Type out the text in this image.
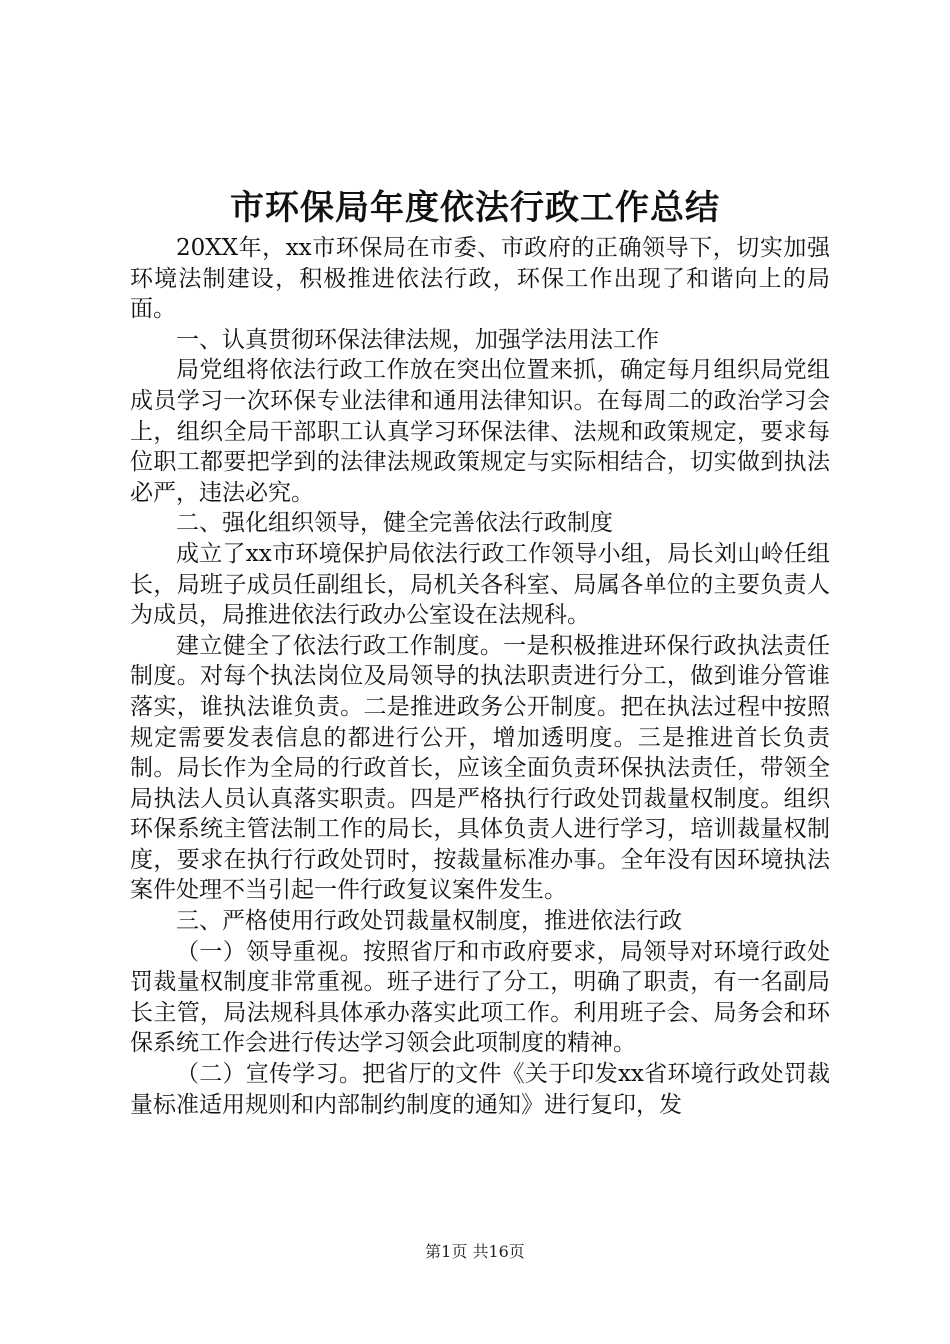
市环保局年度依法行政工作总结

20XX年，xx市环保局在市委、市政府的正确领导下，切实加强环境法制建设，积极推进依法行政，环保工作出现了和谐向上的局面。

一、认真贯彻环保法律法规，加强学法用法工作

局党组将依法行政工作放在突出位置来抓，确定每月组织局党组成员学习一次环保专业法律和通用法律知识。在每周二的政治学习会上，组织全局干部职工认真学习环保法律、法规和政策规定，要求每位职工都要把学到的法律法规政策规定与实际相结合，切实做到执法必严，违法必究。

二、强化组织领导，健全完善依法行政制度

成立了xx市环境保护局依法行政工作领导小组，局长刘山岭任组长，局班子成员任副组长，局机关各科室、局属各单位的主要负责人为成员，局推进依法行政办公室设在法规科。

建立健全了依法行政工作制度。一是积极推进环保行政执法责任制度。对每个执法岗位及局领导的执法职责进行分工，做到谁分管谁落实，谁执法谁负责。二是推进政务公开制度。把在执法过程中按照规定需要发表信息的都进行公开，增加透明度。三是推进首长负责制。局长作为全局的行政首长，应该全面负责环保执法责任，带领全局执法人员认真落实职责。四是严格执行行政处罚裁量权制度。组织环保系统主管法制工作的局长，具体负责人进行学习，培训裁量权制度，要求在执行行政处罚时，按裁量标准办事。全年没有因环境执法案件处理不当引起一件行政复议案件发生。

三、严格使用行政处罚裁量权制度，推进依法行政

（一）领导重视。按照省厅和市政府要求，局领导对环境行政处罚裁量权制度非常重视。班子进行了分工，明确了职责，有一名副局长主管，局法规科具体承办落实此项工作。利用班子会、局务会和环保系统工作会进行传达学习领会此项制度的精神。

（二）宣传学习。把省厅的文件《关于印发xx省环境行政处罚裁量标准适用规则和内部制约制度的通知》进行复印，发

第1页 共16页
